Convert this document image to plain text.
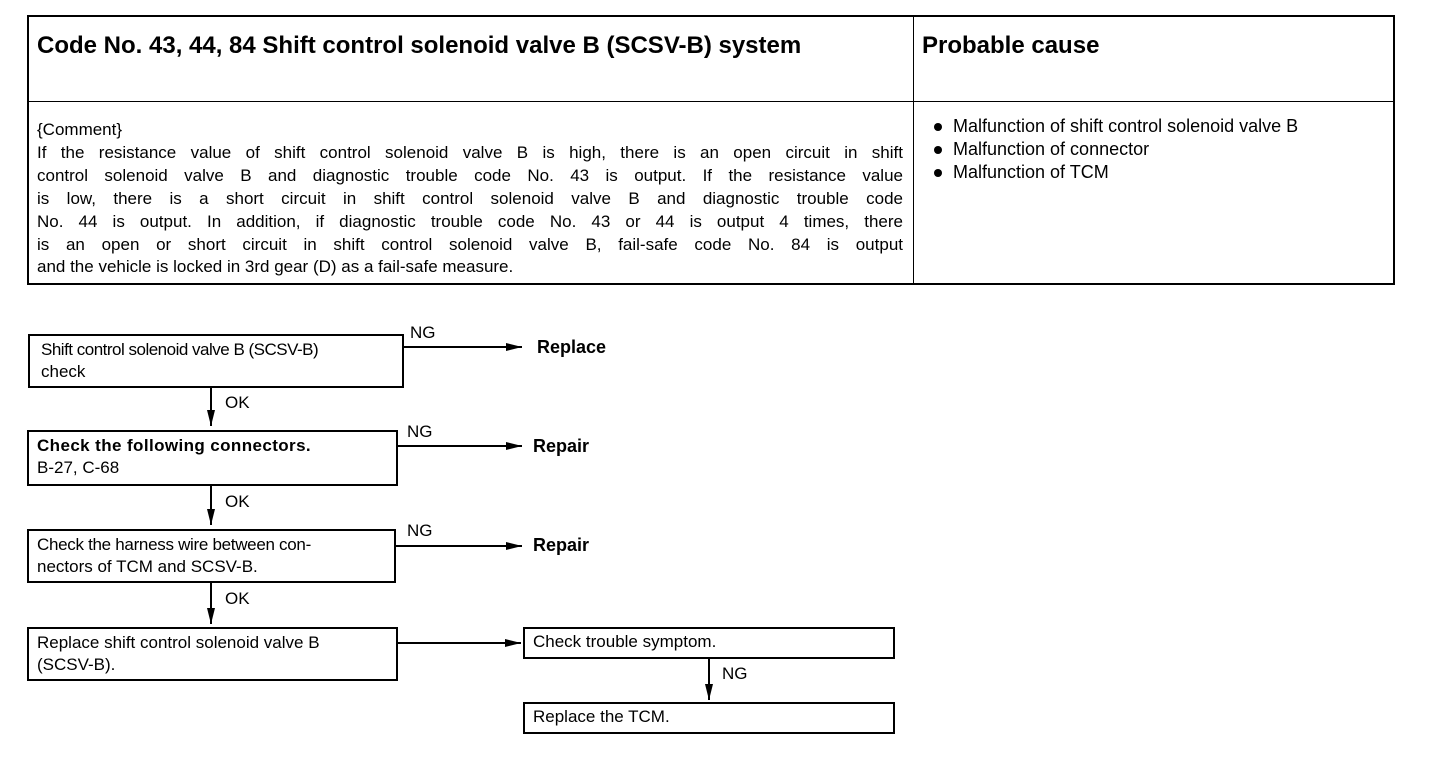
Code No. 43, 44, 84 Shift control solenoid valve B (SCSV-B) system	Probable cause
{Comment}
If the resistance value of shift control solenoid valve B is high, there is an open circuit in shift
control solenoid valve B and diagnostic trouble code No. 43 is output. If the resistance value
is low, there is a short circuit in shift control solenoid valve B and diagnostic trouble code
No. 44 is output. In addition, if diagnostic trouble code No. 43 or 44 is output 4 times, there
is an open or short circuit in shift control solenoid valve B, fail-safe code No. 84 is output
and the vehicle is locked in 3rd gear (D) as a fail-safe measure.
Malfunction of shift control solenoid valve B
Malfunction of connector
Malfunction of TCM
Shift control solenoid valve B (SCSV-B)
check
NG
Replace
OK
Check the following connectors.
B-27, C-68
NG
Repair
OK
Check the harness wire between con-
nectors of TCM and SCSV-B.
NG
Repair
OK
Replace shift control solenoid valve B
(SCSV-B).
Check trouble symptom.
NG
Replace the TCM.
